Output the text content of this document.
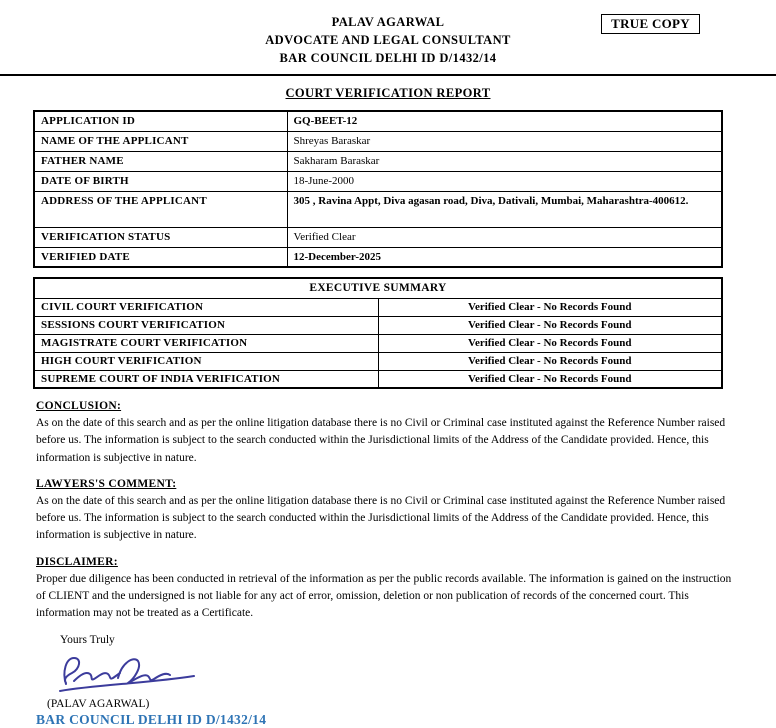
TRUE COPY
PALAV AGARWAL
ADVOCATE AND LEGAL CONSULTANT
BAR COUNCIL DELHI ID D/1432/14
COURT VERIFICATION REPORT
APPLICATION ID	GQ-BEET-12
NAME OF THE APPLICANT	Shreyas Baraskar
FATHER NAME	Sakharam Baraskar
DATE OF BIRTH	18-June-2000
ADDRESS OF THE APPLICANT	305 , Ravina Appt, Diva agasan road, Diva, Dativali, Mumbai, Maharashtra-400612.
VERIFICATION STATUS	Verified Clear
VERIFIED DATE	12-December-2025
EXECUTIVE SUMMARY	
CIVIL COURT VERIFICATION	Verified Clear - No Records Found
SESSIONS COURT VERIFICATION	Verified Clear - No Records Found
MAGISTRATE COURT VERIFICATION	Verified Clear - No Records Found
HIGH COURT VERIFICATION	Verified Clear - No Records Found
SUPREME COURT OF INDIA VERIFICATION	Verified Clear - No Records Found
CONCLUSION:
As on the date of this search and as per the online litigation database there is no Civil or Criminal case instituted against the Reference Number raised before us. The information is subject to the search conducted within the Jurisdictional limits of the Address of the Candidate provided. Hence, this information is subjective in nature.
LAWYERS'S COMMENT:
As on the date of this search and as per the online litigation database there is no Civil or Criminal case instituted against the Reference Number raised before us. The information is subject to the search conducted within the Jurisdictional limits of the Address of the Candidate provided. Hence, this information is subjective in nature.
DISCLAIMER:
Proper due diligence has been conducted in retrieval of the information as per the public records available. The information is gained on the instruction of CLIENT and the undersigned is not liable for any act of error, omission, deletion or non publication of records of the concerned court. This information may not be treated as a Certificate.
Yours Truly
(PALAV AGARWAL)
BAR COUNCIL DELHI ID D/1432/14
